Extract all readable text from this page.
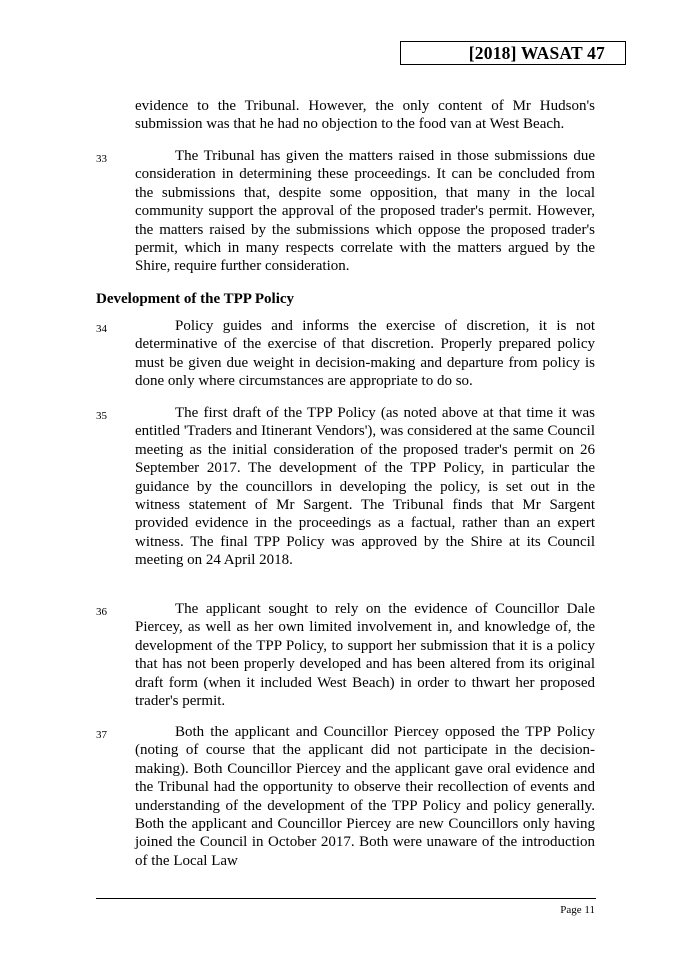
[2018] WASAT 47
evidence to the Tribunal. However, the only content of Mr Hudson's submission was that he had no objection to the food van at West Beach.
33	The Tribunal has given the matters raised in those submissions due consideration in determining these proceedings. It can be concluded from the submissions that, despite some opposition, that many in the local community support the approval of the proposed trader's permit. However, the matters raised by the submissions which oppose the proposed trader's permit, which in many respects correlate with the matters argued by the Shire, require further consideration.
Development of the TPP Policy
34	Policy guides and informs the exercise of discretion, it is not determinative of the exercise of that discretion. Properly prepared policy must be given due weight in decision-making and departure from policy is done only where circumstances are appropriate to do so.
35	The first draft of the TPP Policy (as noted above at that time it was entitled 'Traders and Itinerant Vendors'), was considered at the same Council meeting as the initial consideration of the proposed trader's permit on 26 September 2017. The development of the TPP Policy, in particular the guidance by the councillors in developing the policy, is set out in the witness statement of Mr Sargent. The Tribunal finds that Mr Sargent provided evidence in the proceedings as a factual, rather than an expert witness. The final TPP Policy was approved by the Shire at its Council meeting on 24 April 2018.
36	The applicant sought to rely on the evidence of Councillor Dale Piercey, as well as her own limited involvement in, and knowledge of, the development of the TPP Policy, to support her submission that it is a policy that has not been properly developed and has been altered from its original draft form (when it included West Beach) in order to thwart her proposed trader's permit.
37	Both the applicant and Councillor Piercey opposed the TPP Policy (noting of course that the applicant did not participate in the decision-making). Both Councillor Piercey and the applicant gave oral evidence and the Tribunal had the opportunity to observe their recollection of events and understanding of the development of the TPP Policy and policy generally. Both the applicant and Councillor Piercey are new Councillors only having joined the Council in October 2017. Both were unaware of the introduction of the Local Law
Page 11
